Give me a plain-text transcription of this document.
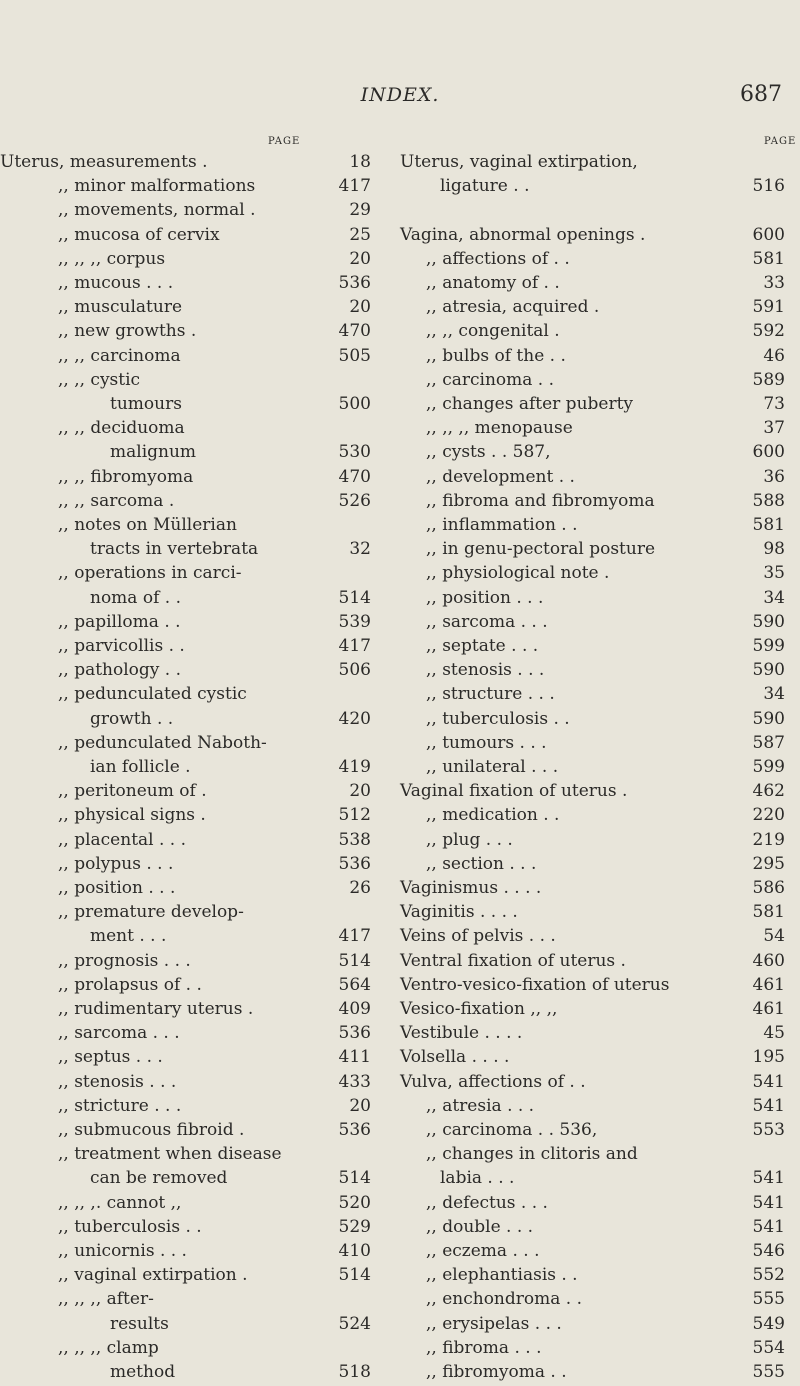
INDEX.	687
PAGE
Uterus, measurements .	18
,, minor malformations	417
,, movements, normal .	29
,, mucosa of cervix	25
,, ,, ,, corpus	20
,, mucous . . .	536
,, musculature	20
,, new growths .	470
,, ,, carcinoma	505
,, ,, cystic
tumours	500
,, ,, deciduoma
malignum	530
,, ,, fibromyoma	470
,, ,, sarcoma .	526
,, notes on Müllerian
tracts in vertebrata	32
,, operations in carci-
noma of . .	514
,, papilloma . .	539
,, parvicollis . .	417
,, pathology . .	506
,, pedunculated cystic
growth . .	420
,, pedunculated Naboth-
ian follicle .	419
,, peritoneum of .	20
,, physical signs .	512
,, placental . . .	538
,, polypus . . .	536
,, position . . .	26
,, premature develop-
ment . . .	417
,, prognosis . . .	514
,, prolapsus of . .	564
,, rudimentary uterus .	409
,, sarcoma . . .	536
,, septus . . .	411
,, stenosis . . .	433
,, stricture . . .	20
,, submucous fibroid .	536
,, treatment when disease
can be removed	514
,, ,, ,. cannot ,,	520
,, tuberculosis . .	529
,, unicornis . . .	410
,, vaginal extirpation .	514
,, ,, ,, after-
results	524
,, ,, ,, clamp
method	518
PAGE
Uterus, vaginal extirpation,
ligature . .	516
Vagina, abnormal openings .	600
,, affections of . .	581
,, anatomy of . .	33
,, atresia, acquired .	591
,, ,, congenital .	592
,, bulbs of the . .	46
,, carcinoma . .	589
,, changes after puberty	73
,, ,, ,, menopause	37
,, cysts . . 587,	600
,, development . .	36
,, fibroma and fibromyoma	588
,, inflammation . .	581
,, in genu-pectoral posture	98
,, physiological note .	35
,, position . . .	34
,, sarcoma . . .	590
,, septate . . .	599
,, stenosis . . .	590
,, structure . . .	34
,, tuberculosis . .	590
,, tumours . . .	587
,, unilateral . . .	599
Vaginal fixation of uterus .	462
,, medication . .	220
,, plug . . .	219
,, section . . .	295
Vaginismus . . . .	586
Vaginitis . . . .	581
Veins of pelvis . . .	54
Ventral fixation of uterus .	460
Ventro-vesico-fixation of uterus	461
Vesico-fixation ,, ,,	461
Vestibule . . . .	45
Volsella . . . .	195
Vulva, affections of . .	541
,, atresia . . .	541
,, carcinoma . . 536,	553
,, changes in clitoris and
labia . . .	541
,, defectus . . .	541
,, double . . .	541
,, eczema . . .	546
,, elephantiasis . .	552
,, enchondroma . .	555
,, erysipelas . . .	549
,, fibroma . . .	554
,, fibromyoma . .	555
